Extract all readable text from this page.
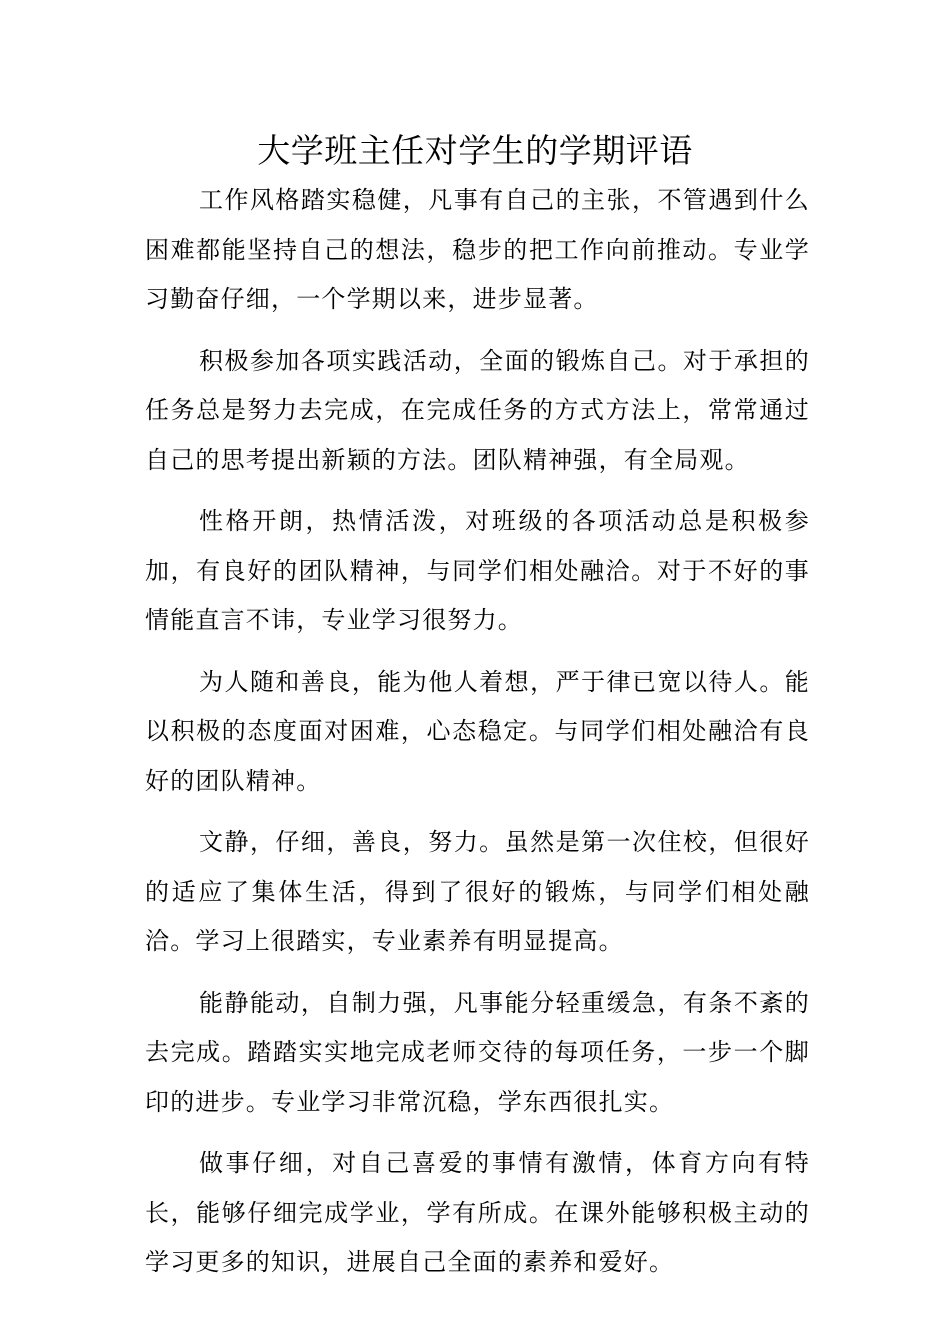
大学班主任对学生的学期评语

工作风格踏实稳健，凡事有自己的主张，不管遇到什么困难都能坚持自己的想法，稳步的把工作向前推动。专业学习勤奋仔细，一个学期以来，进步显著。

积极参加各项实践活动，全面的锻炼自己。对于承担的任务总是努力去完成，在完成任务的方式方法上，常常通过自己的思考提出新颖的方法。团队精神强，有全局观。

性格开朗，热情活泼，对班级的各项活动总是积极参加，有良好的团队精神，与同学们相处融洽。对于不好的事情能直言不讳，专业学习很努力。

为人随和善良，能为他人着想，严于律已宽以待人。能以积极的态度面对困难，心态稳定。与同学们相处融洽有良好的团队精神。

文静，仔细，善良，努力。虽然是第一次住校，但很好的适应了集体生活，得到了很好的锻炼，与同学们相处融洽。学习上很踏实，专业素养有明显提高。

能静能动，自制力强，凡事能分轻重缓急，有条不紊的去完成。踏踏实实地完成老师交待的每项任务，一步一个脚印的进步。专业学习非常沉稳，学东西很扎实。

做事仔细，对自己喜爱的事情有激情，体育方向有特长，能够仔细完成学业，学有所成。在课外能够积极主动的学习更多的知识，进展自己全面的素养和爱好。
